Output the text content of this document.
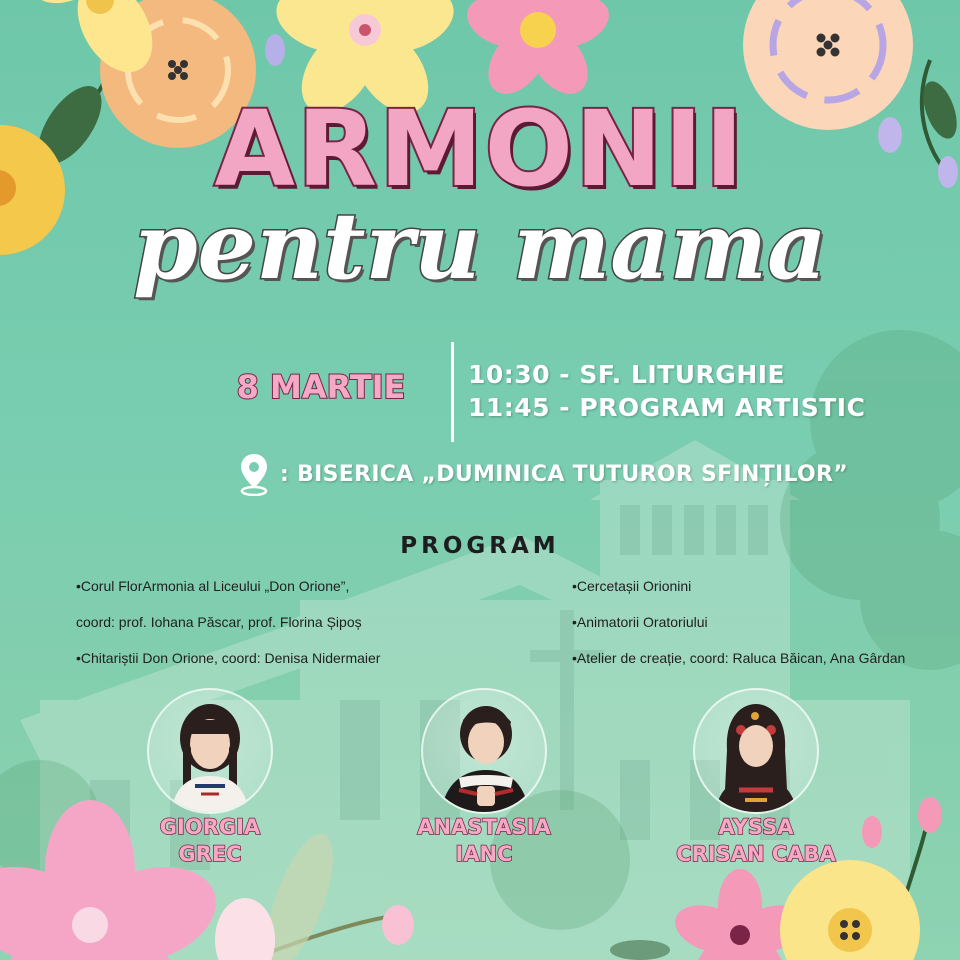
ARMONII
pentru mama
8 MARTIE	10:30 - SF. LITURGHIE
11:45 - PROGRAM ARTISTIC
: BISERICA „DUMINICA TUTUROR SFINȚILOR”
PROGRAM
•Corul FlorArmonia al Liceului „Don Orione”,
coord: prof. Iohana Păscar, prof. Florina Șipoș
•Chitariștii Don Orione, coord: Denisa Nidermaier
•Cercetașii Orionini
•Animatorii Oratoriului
•Atelier de creație, coord: Raluca Băican, Ana Gârdan
GIORGIA
GREC
ANASTASIA
IANC
AYSSA
CRISAN CABA
